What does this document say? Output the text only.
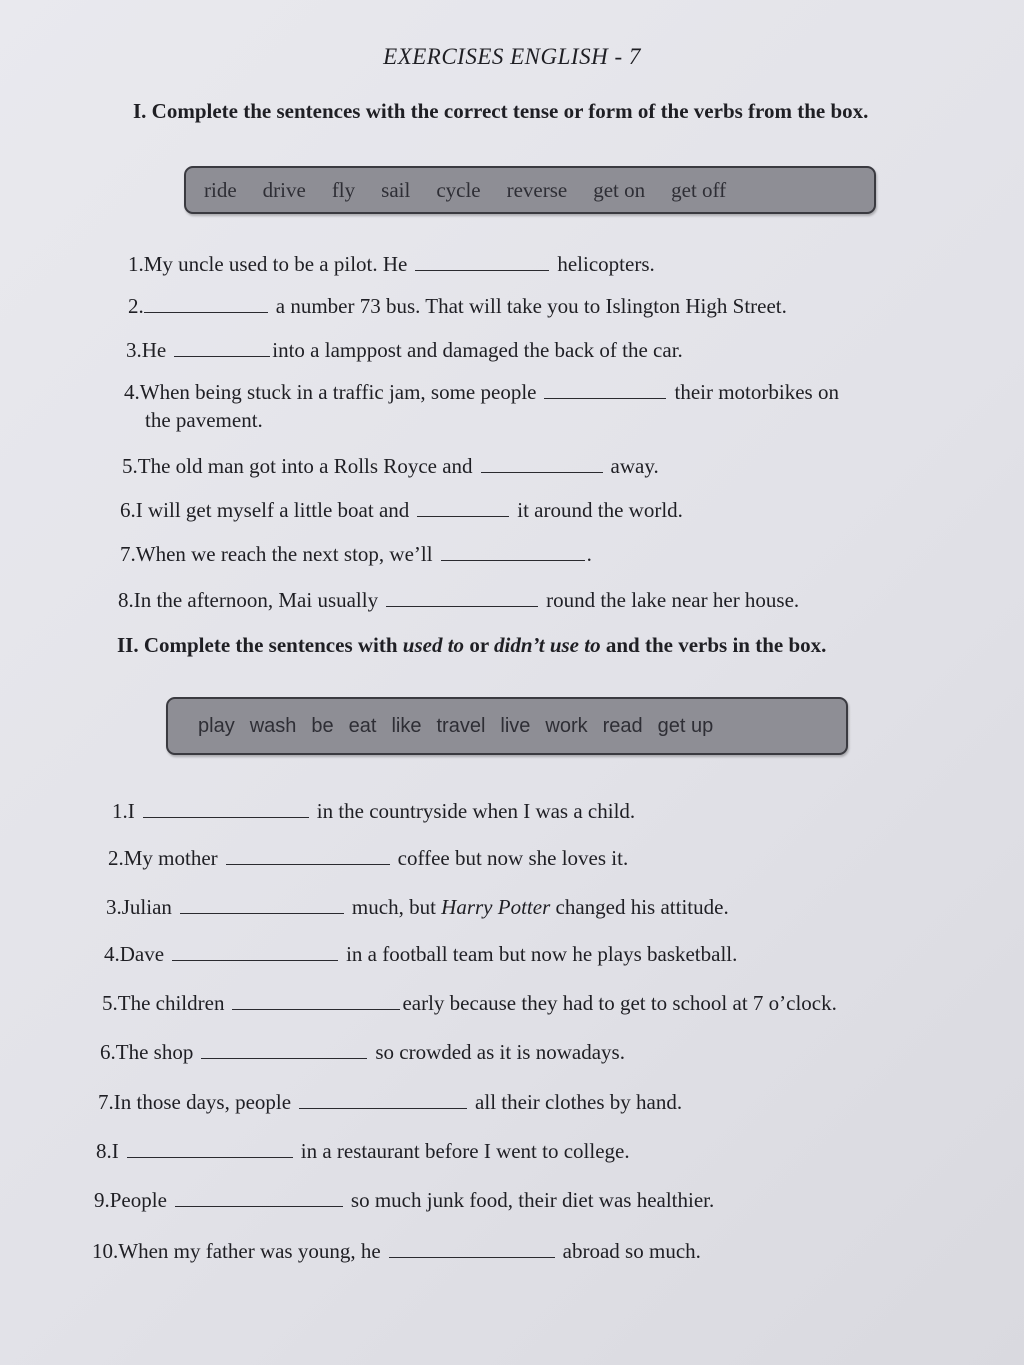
EXERCISES ENGLISH - 7
I. Complete the sentences with the correct tense or form of the verbs from the box.
ride drive fly sail cycle reverse get on get off
1.My uncle used to be a pilot. He	helicopters.
2.	a number 73 bus. That will take you to Islington High Street.
3.He	into a lamppost and damaged the back of the car.
4.When being stuck in a traffic jam, some people	their motorbikes on
the pavement.
5.The old man got into a Rolls Royce and	away.
6.I will get myself a little boat and	it around the world.
7.When we reach the next stop, we’ll	.
8.In the afternoon, Mai usually	round the lake near her house.
II. Complete the sentences with used to or didn’t use to and the verbs in the box.
play wash be eat like travel live work read get up
1.I	in the countryside when I was a child.
2.My mother	coffee but now she loves it.
3.Julian	much, but Harry Potter changed his attitude.
4.Dave	in a football team but now he plays basketball.
5.The children	early because they had to get to school at 7 o’clock.
6.The shop	so crowded as it is nowadays.
7.In those days, people	all their clothes by hand.
8.I	in a restaurant before I went to college.
9.People	so much junk food, their diet was healthier.
10.When my father was young, he	abroad so much.
